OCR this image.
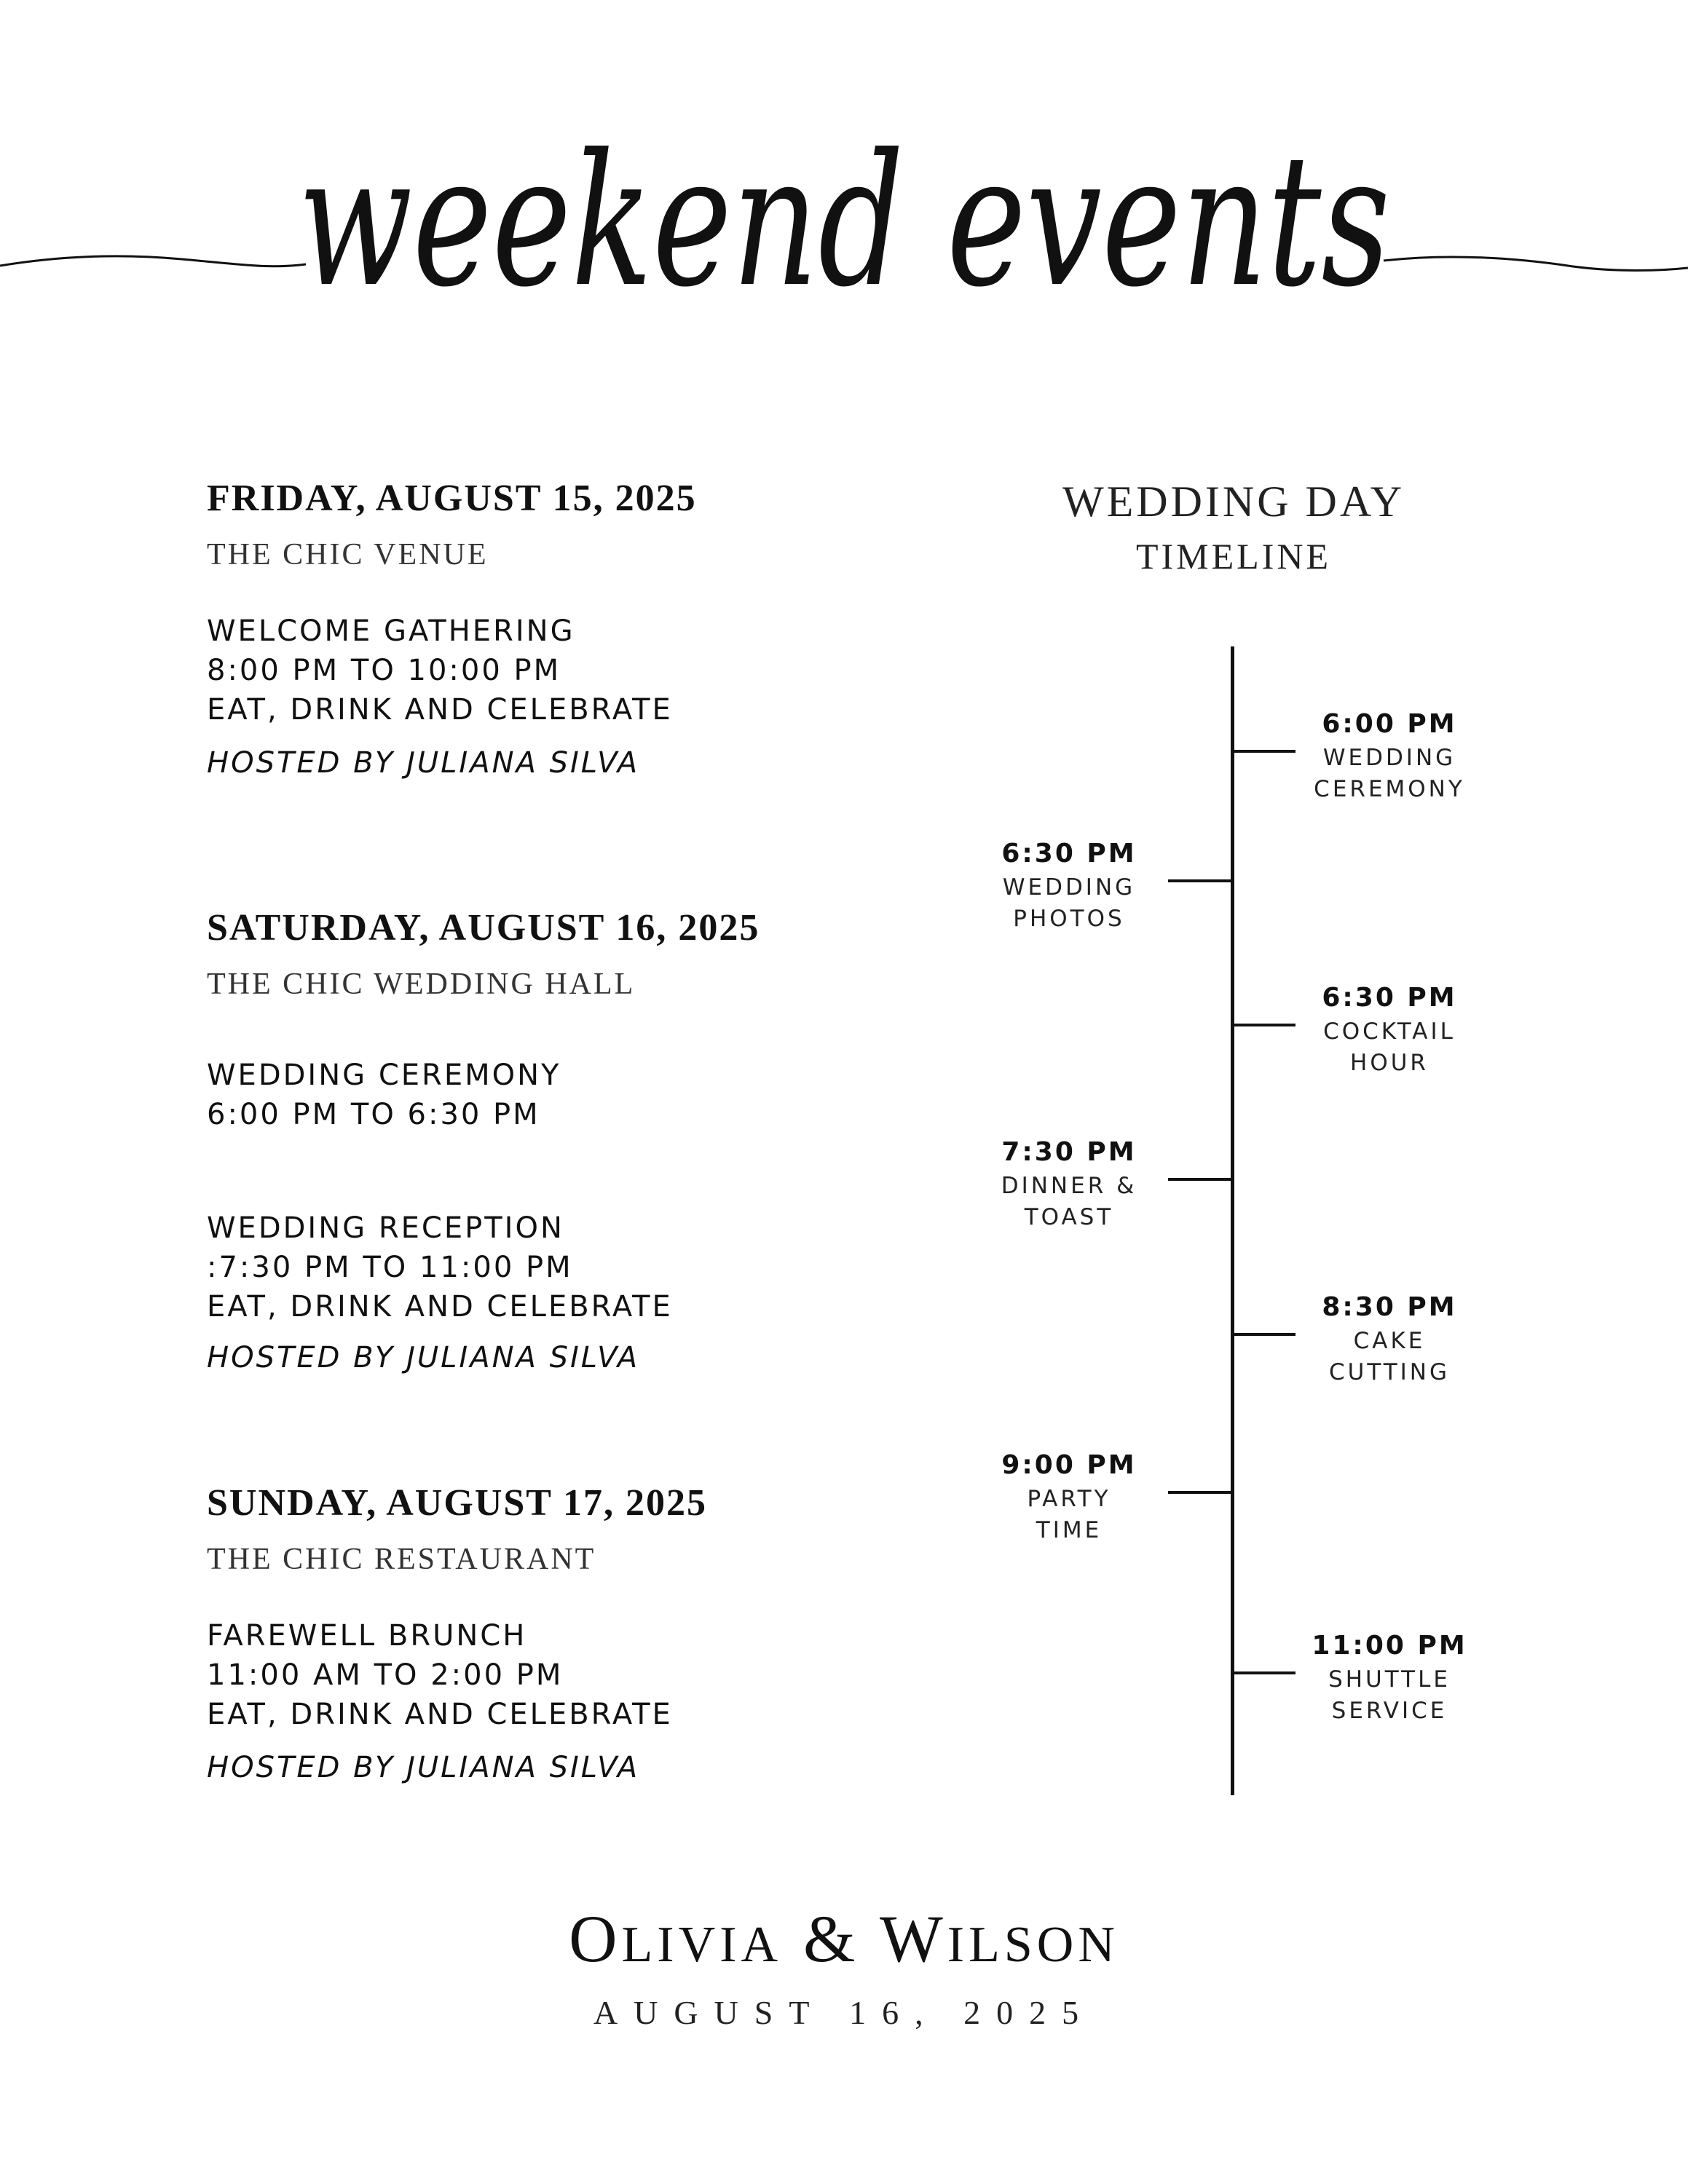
weekend events
FRIDAY, AUGUST 15, 2025
THE CHIC VENUE
WELCOME GATHERING
8:00 PM TO 10:00 PM
EAT, DRINK AND CELEBRATE
HOSTED BY JULIANA SILVA
SATURDAY, AUGUST 16, 2025
THE CHIC WEDDING HALL
WEDDING CEREMONY
6:00 PM TO 6:30 PM
WEDDING RECEPTION
:7:30 PM TO 11:00 PM
EAT, DRINK AND CELEBRATE
HOSTED BY JULIANA SILVA
SUNDAY, AUGUST 17, 2025
THE CHIC RESTAURANT
FAREWELL BRUNCH
11:00 AM TO 2:00 PM
EAT, DRINK AND CELEBRATE
HOSTED BY JULIANA SILVA
WEDDING DAY
TIMELINE
6:00 PM
WEDDING
CEREMONY
6:30 PM
WEDDING
PHOTOS
6:30 PM
COCKTAIL
HOUR
7:30 PM
DINNER &
TOAST
8:30 PM
CAKE
CUTTING
9:00 PM
PARTY
TIME
11:00 PM
SHUTTLE
SERVICE
OLIVIA & WILSON
AUGUST 16, 2025
